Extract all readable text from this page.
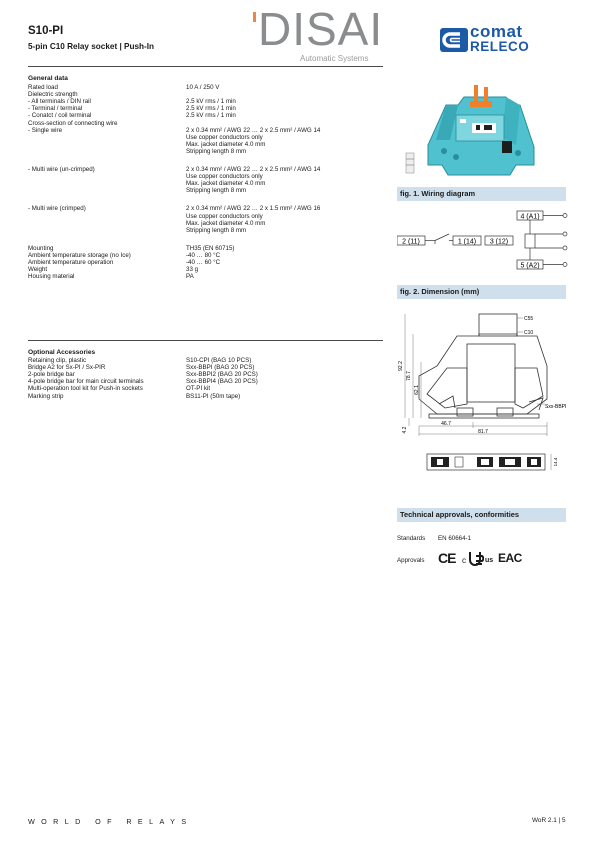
S10-PI
5-pin C10 Relay socket | Push-In DISAI
Automatic Systems
comat
RELECO
General data
Rated load	10 A / 250 V
Dielectric strength
- All terminals / DIN rail	2.5 kV rms / 1 min
- Terminal / terminal	2.5 kV rms / 1 min
- Conatct / coil terminal	2.5 kV rms / 1 min
Cross-section of connecting wire
- Single wire	2 x 0.34 mm² / AWG 22 … 2 x 2.5 mm² / AWG 14
Use copper conductors only
Max. jacket diameter 4.0 mm
Stripping length 8 mm
- Multi wire (un-crimped)	2 x 0.34 mm² / AWG 22 … 2 x 2.5 mm² / AWG 14
Use copper conductors only
Max. jacket diameter 4.0 mm
Stripping length 8 mm
- Multi wire (crimped)	2 x 0.34 mm² / AWG 22 … 2 x 1.5 mm² / AWG 16
Use copper conductors only
Max. jacket diameter 4.0 mm
Stripping length 8 mm
Mounting	TH35 (EN 60715)
Ambient temperature storage (no Ice)	-40 … 80 °C
Ambient temperature operation	-40 … 60 °C
Weight	33 g
Housing material	PA
Optional Accessories
Retaining clip, plastic	S10-CPI (BAG 10 PCS)
Bridge A2 for Sx-PI / Sx-PIR	Sxx-BBPI (BAG 20 PCS)
2-pole bridge bar	Sxx-BBPI2 (BAG 20 PCS)
4-pole bridge bar for main circuit terminals	Sxx-BBPI4 (BAG 20 PCS)
Multi-operation tool kit for Push-in sockets	OT-PI kit
Marking strip	BS11-PI (50m tape)
fig. 1. Wiring diagram
4 (A1)
2 (11)	1 (14) 3 (12)
5 (A2)
fig. 2. Dimension (mm)
C55
C10
Sxx-BBPI
92.2
78.7
62.1
46.7
81.7
4.2
14.4
Technical approvals, conformities
Standards EN 60664-1
Approvals CE c	us EAC
WORLD OF RELAYS	WoR 2.1 | 5
